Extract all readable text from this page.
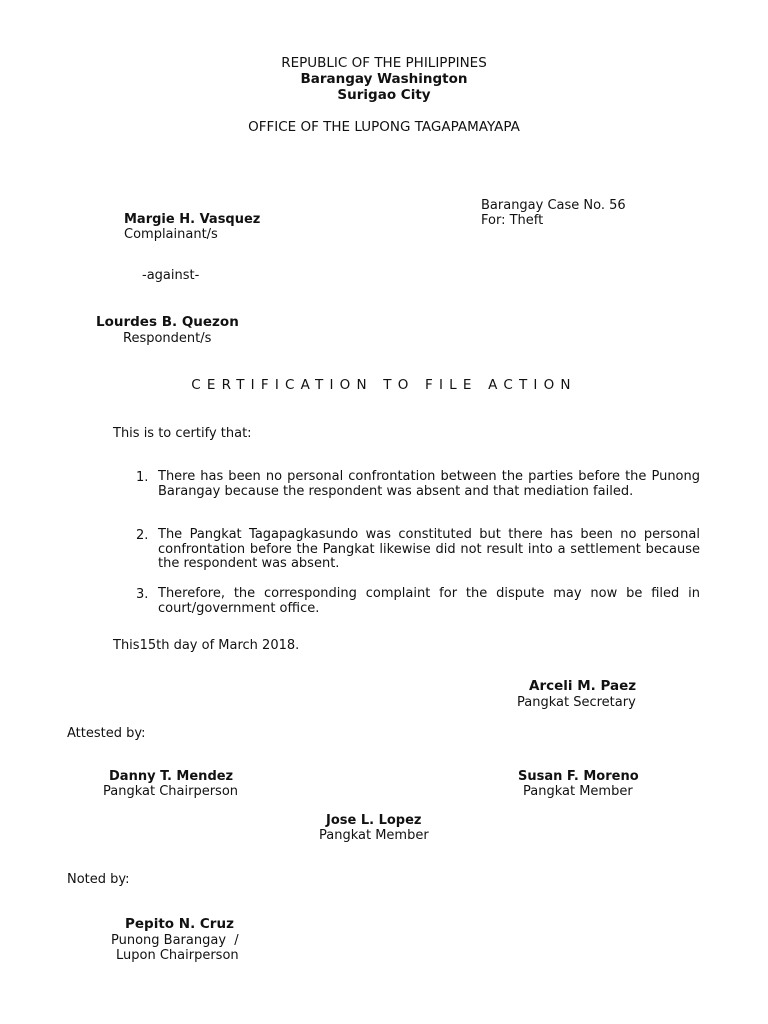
REPUBLIC OF THE PHILIPPINES
Barangay Washington
Surigao City
OFFICE OF THE LUPONG TAGAPAMAYAPA
Barangay Case No. 56
For: Theft
Margie H. Vasquez
Complainant/s
-against-
Lourdes B. Quezon
Respondent/s
CERTIFICATION TO FILE ACTION
This is to certify that:
1. There has been no personal confrontation between the parties before the Punong Barangay because the respondent was absent and that mediation failed.
2. The Pangkat Tagapagkasundo was constituted but there has been no personal confrontation before the Pangkat likewise did not result into a settlement because the respondent was absent.
3. Therefore, the corresponding complaint for the dispute may now be filed in court/government office.
This15th day of March 2018.
Arceli M. Paez
Pangkat Secretary
Attested by:
Danny T. Mendez
Pangkat Chairperson
Susan F. Moreno
Pangkat Member
Jose L. Lopez
Pangkat Member
Noted by:
Pepito N. Cruz
Punong Barangay  /
Lupon Chairperson
